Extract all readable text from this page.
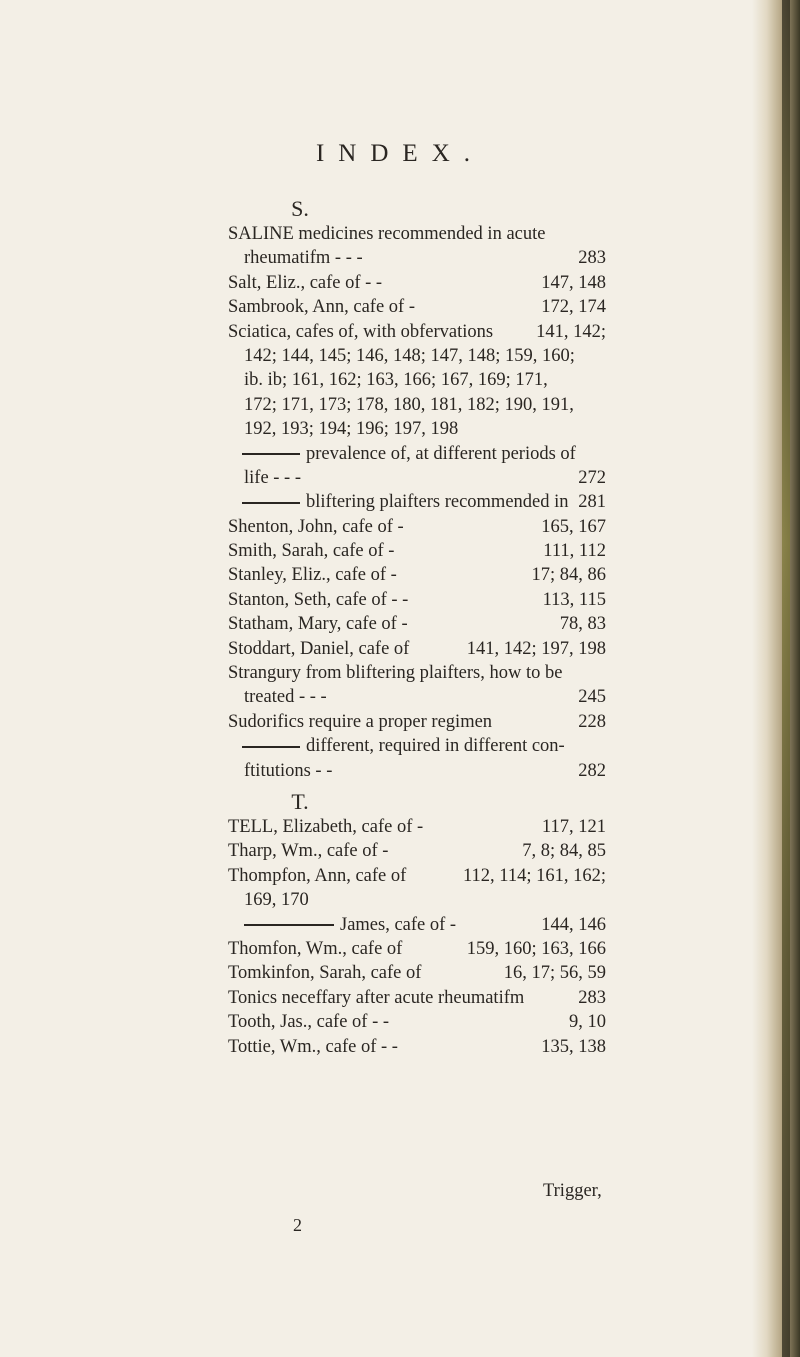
INDEX.
S.
SALINE medicines recommended in acute
rheumatifm - - -	283
Salt, Eliz., cafe of - -	147, 148
Sambrook, Ann, cafe of -	172, 174
Sciatica, cafes of, with obfervations 141, 142;
142; 144, 145; 146, 148; 147, 148; 159, 160;
ib. ib; 161, 162; 163, 166; 167, 169; 171,
172; 171, 173; 178, 180, 181, 182; 190, 191,
192, 193; 194; 196; 197, 198
prevalence of, at different periods of
life - - -	272
bliftering plaifters recommended in 281
Shenton, John, cafe of -	165, 167
Smith, Sarah, cafe of -	111, 112
Stanley, Eliz., cafe of -	17; 84, 86
Stanton, Seth, cafe of - -	113, 115
Statham, Mary, cafe of -	78, 83
Stoddart, Daniel, cafe of	141, 142; 197, 198
Strangury from bliftering plaifters, how to be
treated - - -	245
Sudorifics require a proper regimen	228
different, required in different con-
ftitutions - -	282
T.
TELL, Elizabeth, cafe of -	117, 121
Tharp, Wm., cafe of -	7, 8; 84, 85
Thompfon, Ann, cafe of	112, 114; 161, 162;
169, 170
James, cafe of -	144, 146
Thomfon, Wm., cafe of	159, 160; 163, 166
Tomkinfon, Sarah, cafe of	16, 17; 56, 59
Tonics neceffary after acute rheumatifm	283
Tooth, Jas., cafe of - -	9, 10
Tottie, Wm., cafe of - -	135, 138
Trigger,
2
